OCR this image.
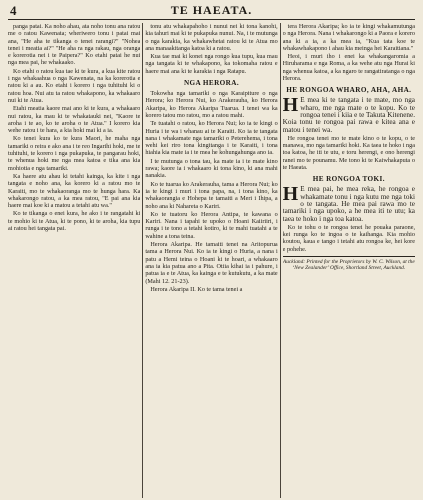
4	TE HAEATA.

panga patai. Ka noho ahau, ata noho tonu ana ratou me o ratou Kawenata; wheriwero tonu i patai mai ana, "He aha te tikanga o tenei rarangi?" "Nohea tenei i meatia ai?" "He aha ra nga rakau, nga oranga e korerotia nei i te Paipera?" Ko etahi patai he nui nga mea pai, he whakaako.

Ko etahi o ratou kua tae ki te kura, a kua kite ratou i nga whakaahua o nga Kawenata, na ka korerotia e ratou ki a au. Ko etahi i korero i nga tuhituhi ki o ratou hoa. Nui atu ta ratou whakapono, ka whakaaro nui ki te Atua.

Etahi meatia kaore mai ano ki te kura, a whakaaro nui ratou, ka mau ki te whakatauki nei, "Kaore te aroha i te ao, ko te aroha o te Atua." I korero kia wehe ratou i te hara, a kia hoki mai ki a ia.

Ko tenei kura ko te kura Maori, he maha nga tamariki o reira e ako ana i te reo Ingarihi hoki, me te tuhituhi, te korero i nga pukapuka, te pangarau hoki, te whenua hoki me nga mea katoa e tika ana kia mohiotia e nga tamariki.

Ka haere atu ahau ki tetahi kainga, ka kite i nga tangata e noho ana, ka korero ki a ratou mo te Karaiti, mo te whakaoranga mo te hunga hara. Ka whakarongo ratou, a ka mea ratou, "E pai ana kia haere mai koe ki a matou a tetahi atu wa."

Ko te tikanga o enei kura, he ako i te rangatahi ki te mohio ki te Atua, ki te pono, ki te aroha, kia tupu ai ratou hei tangata pai.

tonu atu whakapahoho i nunui nei ki tona kanohi, kia tahuri mai ki te pukapuka nunui. Na, i te mutunga o nga karakia, ka whakawhetai ratou ki te Atua mo ana manaakitanga katoa ki a ratou.

Kua tae mai ki konei nga rongo kua tupu, kua mau nga tangata ki te whakapono, ka tokomaha ratou e haere mai ana ki te karakia i nga Ratapu.

NGA HERORA.

Tokowha nga tamariki o nga Karaipiture o nga Herora; ko Herora Nui, ko Arakerauha, ko Herora Akaripa, ko Herora Akaripa Tuarua. I tenei wa ka korero tatou mo ratou, mo a ratou mahi.

Te tuatahi o ratou, ko Herora Nui; ko ia te kingi o Huria i te wa i whanau ai te Karaiti. Ko ia te tangata nana i whakamate nga tamariki o Peterehema, i tona wehi kei riro tona kingitanga i te Karaiti, i tona hiahia kia mate ia i te mea he kohungahunga ano ia.

I te mutunga o tona tau, ka mate ia i te mate kino rawa; kaore ia i whakaaro ki tona kino, ki ana mahi nanakia.

Ko te tuarua ko Arakerauha, tama a Herora Nui; ko ia te kingi i muri i tona papa, na, i tona kino, ka whakaorangia e Hohepa te tamaiti a Meri i Ihipa, a noho ana ki Nahareta o Kariri.

Ko te tuatoru ko Herora Antipa, te kawana o Kariri. Nana i tapahi te upoko o Hoani Kaiiriiri, i runga i te tono a tetahi kotiro, ki te mahi tuatahi a te wahine a tona teina.

Herora Akaripa. He tamaiti tenei na Aritopurua tama a Herora Nui. Ko ia te kingi o Huria, a nana i patu a Hemi teina o Hoani ki te hoari, a whakaaro ana ia kia patua ano a Pita. Otiia kihai ia i pahure, i patua ia e te Atua, ka kainga e te kutukutu, a ka mate (Mahi 12. 21-23).

Herora Akaripa II. Ko te tama tenei a

tera Herora Akaripa; ko ia te kingi whakamutunga o nga Herora. Nana i whakarongo ki a Paora e korero ana ki a ia, a ka mea ia, "Kua tata koe te whakawhakapono i ahau kia meinga hei Karaitiana."

Heoi, i muri iho i enei ka whakangaromia a Hiruharama e nga Roma, a ka wehe atu nga Hurai ki nga whenua katoa, a ka ngaro te rangatiratanga o nga Herora.

HE RONGOA WHARO, AHA, AHA.

H E mea ki te tangata i te mate, mo nga wharo, me nga mate o te kopu. Ko te rongoa tenei i kiia e te Takuta Kitenene. Koia tonu te rongoa pai rawa e kitea ana e matou i tenei wa.

He rongoa tenei mo te mate kino o te kopu, o te manawa, mo nga tamariki hoki. Ka taea te hoko i nga toa katoa, he iti te utu, e toru herengi, e ono herengi ranei mo te pounamu. Me tono ki te Kaiwhakaputa o te Haeata.

HE RONGOA TOKI.

H E mea pai, he mea reka, he rongoa e whakamate tonu i nga kutu me nga toki o te tangata. He mea pai rawa mo te tamariki i nga upoko, a he mea iti te utu; ka taea te hoko i nga toa katoa.

Ko te tohu o te rongoa tenei he pouaka paraone, kei runga ko te ingoa o te kaihanga. Kia mohio koutou, kaua e tango i tetahi atu rongoa ke, hei kore e pohehe.

Auckland: Printed for the Proprietors by W. C. Wilson, at the ‘New Zealander’ Office, Shortland Street, Auckland.
